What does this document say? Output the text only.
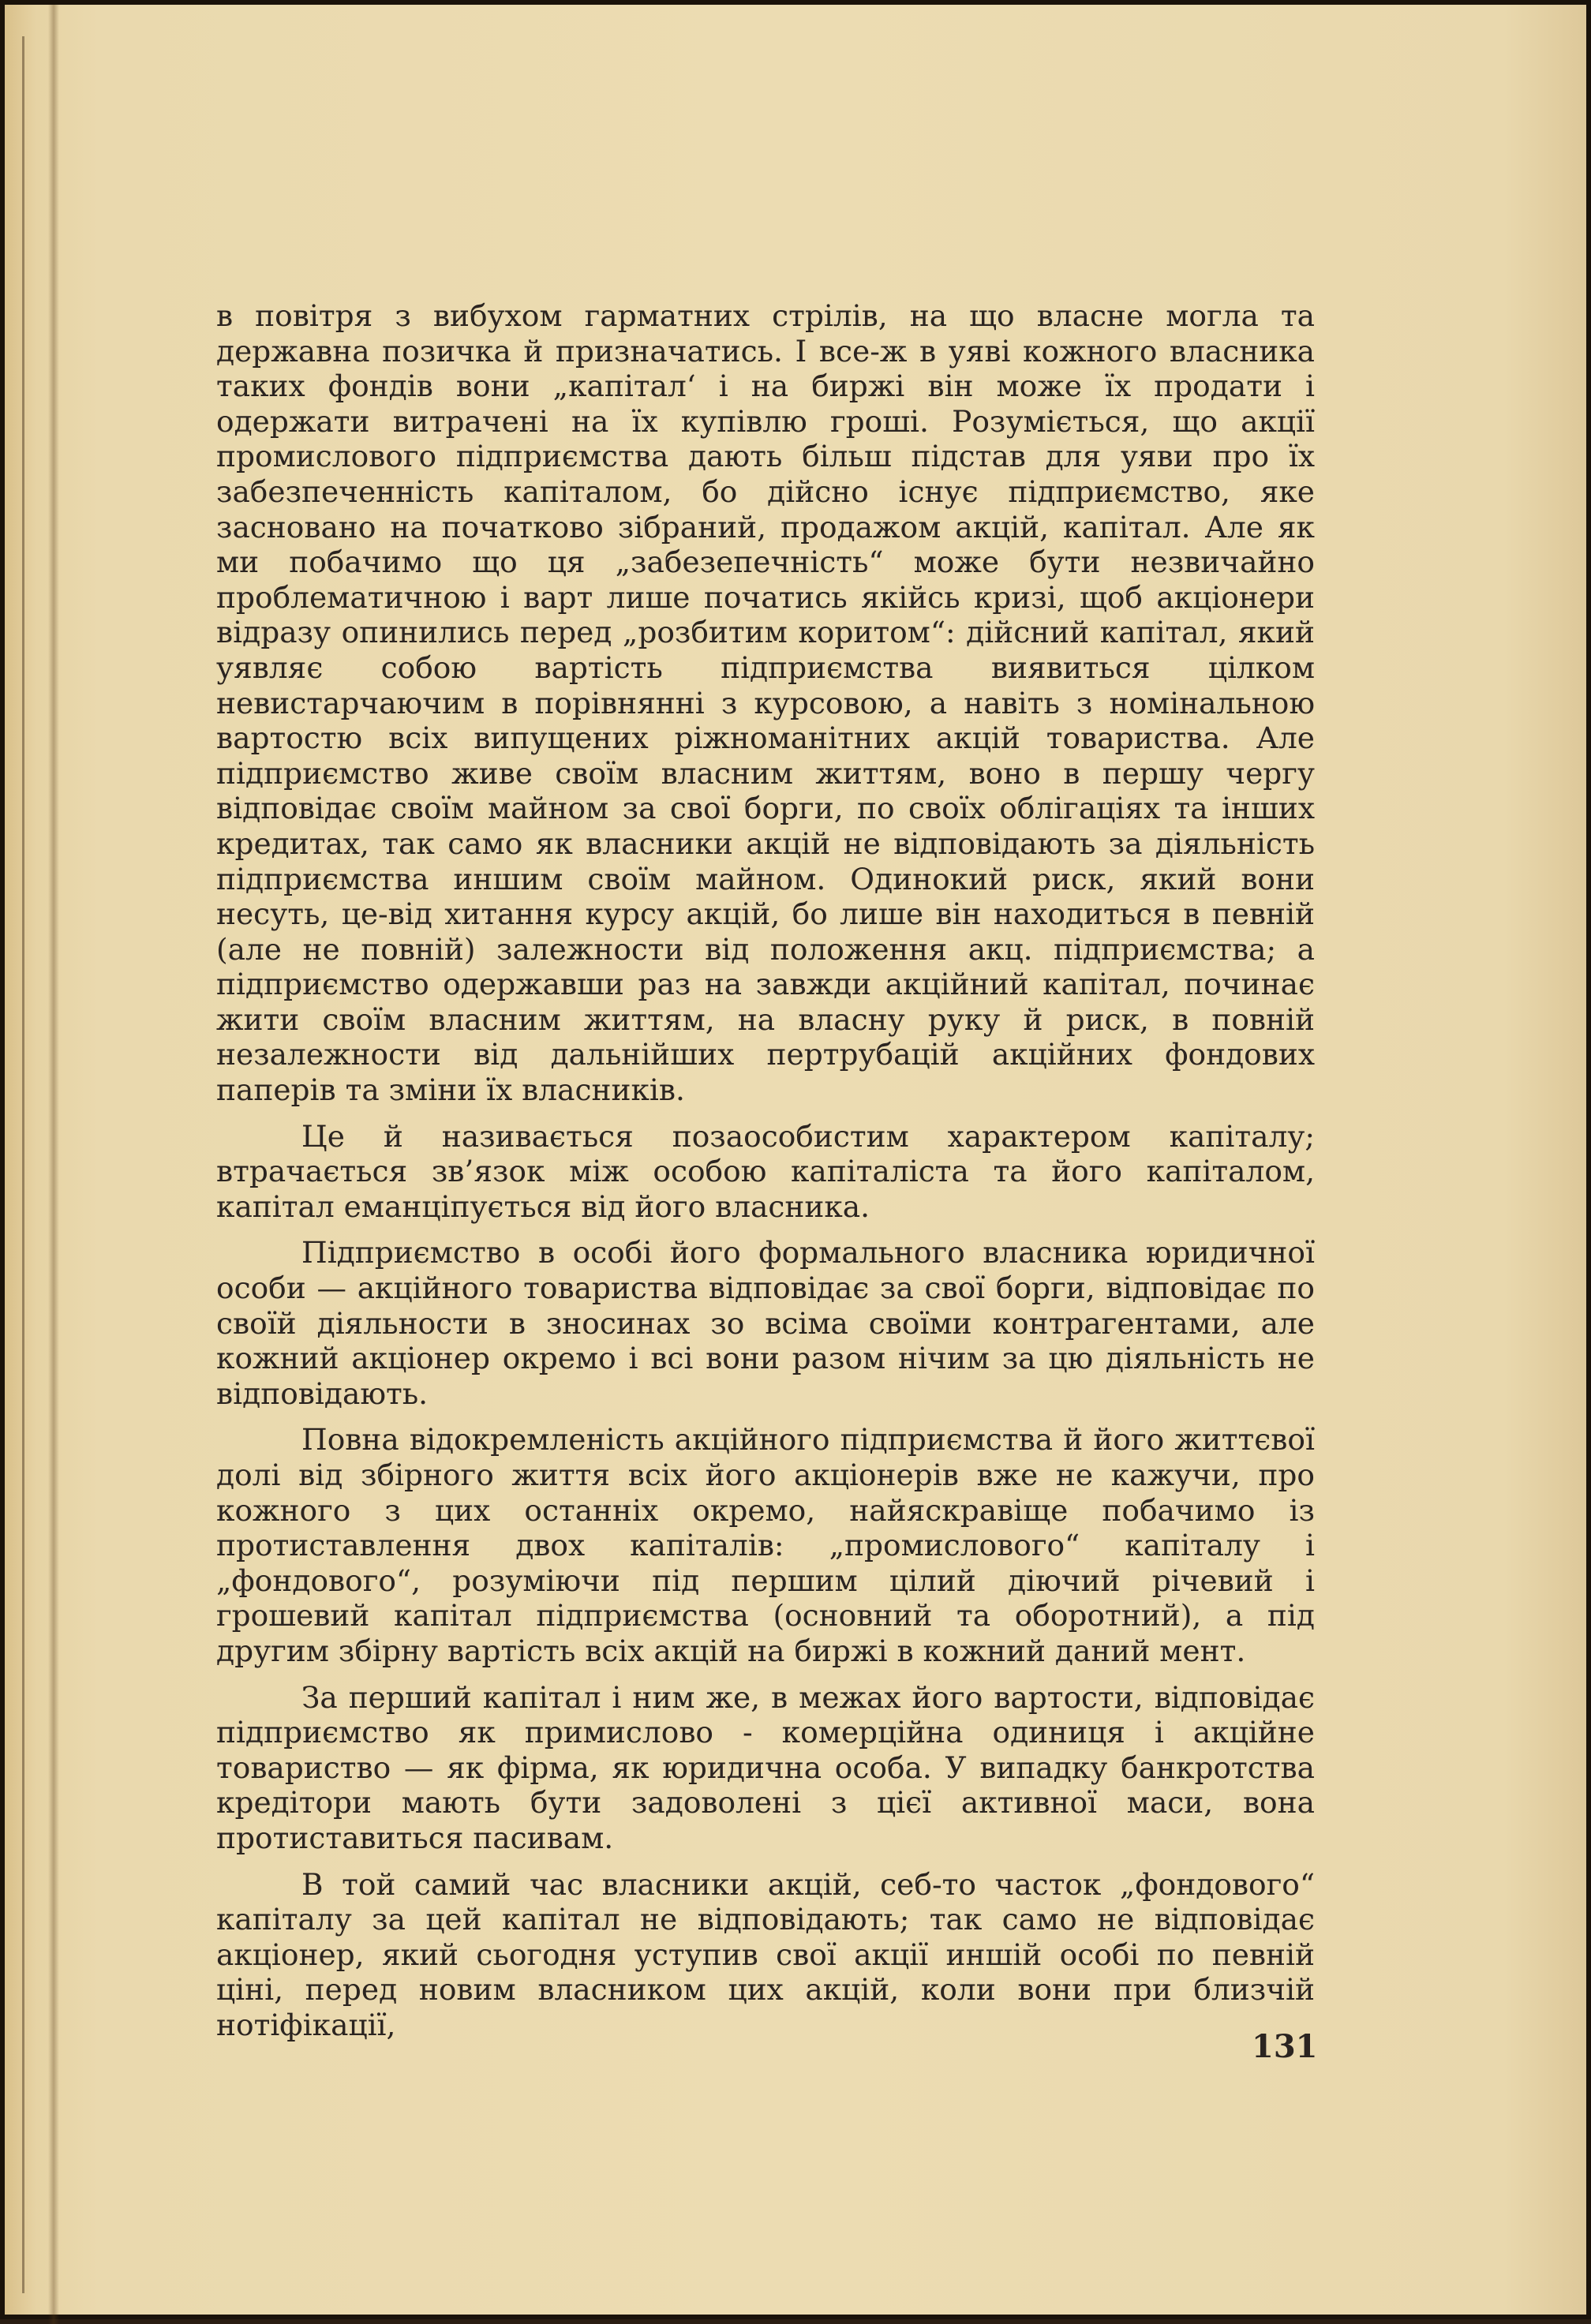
в повітря з вибухом гарматних стрілів, на що власне могла та державна позичка й призначатись. І все-ж в уяві кожного власника таких фондів вони „капітал‘ і на биржі він може їх продати і одержати витрачені на їх купівлю гроші. Розуміється, що акції промислового підприємства дають більш підстав для уяви про їх забезпеченність капіталом, бо дійсно існує підприємство, яке засновано на початково зібраний, продажом акцій, капітал. Але як ми побачимо що ця „забезепечність“ може бути незвичайно проблематичною і варт лише початись якійсь кризі, щоб акціонери відразу опинились перед „розбитим коритом“: дійсний капітал, який уявляє собою вартість підприємства виявиться цілком невистарчаючим в порівнянні з курсовою, а навіть з номінальною вартостю всіх випущених ріжноманітних акцій товариства. Але підприємство живе своїм власним життям, воно в першу чергу відповідає своїм майном за свої борги, по своїх облігаціях та інших кредитах, так само як власники акцій не відповідають за діяльність підприємства иншим своїм майном. Одинокий риск, який вони несуть, це-від хитання курсу акцій, бо лише він находиться в певній (але не повній) залежности від положення акц. підприємства; а підприємство одержавши раз на завжди акційний капітал, починає жити своїм власним життям, на власну руку й риск, в повній незалежности від дальнійших пертрубацій акційних фондових паперів та зміни їх власників.

Це й називається позаособистим характером капіталу; втрачається зв’язок між особою капіталіста та його капіталом, капітал еманціпується від його власника.

Підприємство в особі його формального власника юридичної особи — акційного товариства відповідає за свої борги, відповідає по своїй діяльности в зносинах зо всіма своїми контрагентами, але кожний акціонер окремо і всі вони разом нічим за цю діяльність не відповідають.

Повна відокремленість акційного підприємства й його життєвої долі від збірного життя всіх його акціонерів вже не кажучи, про кожного з цих останніх окремо, найяскравіще побачимо із протиставлення двох капіталів: „промислового“ капіталу і „фондового“, розуміючи під першим цілий діючий річевий і грошевий капітал підприємства (основний та оборотний), а під другим збірну вартість всіх акцій на биржі в кожний даний мент.

За перший капітал і ним же, в межах його вартости, відповідає підприємство як примислово - комерційна одиниця і акційне товариство — як фірма, як юридична особа. У випадку банкротства кредітори мають бути задоволені з цієї активної маси, вона протиставиться пасивам.

В той самий час власники акцій, себ-то часток „фондового“ капіталу за цей капітал не відповідають; так само не відповідає акціонер, який сьогодня уступив свої акції иншій особі по певній ціні, перед новим власником цих акцій, коли вони при близчій нотіфікації,

131
